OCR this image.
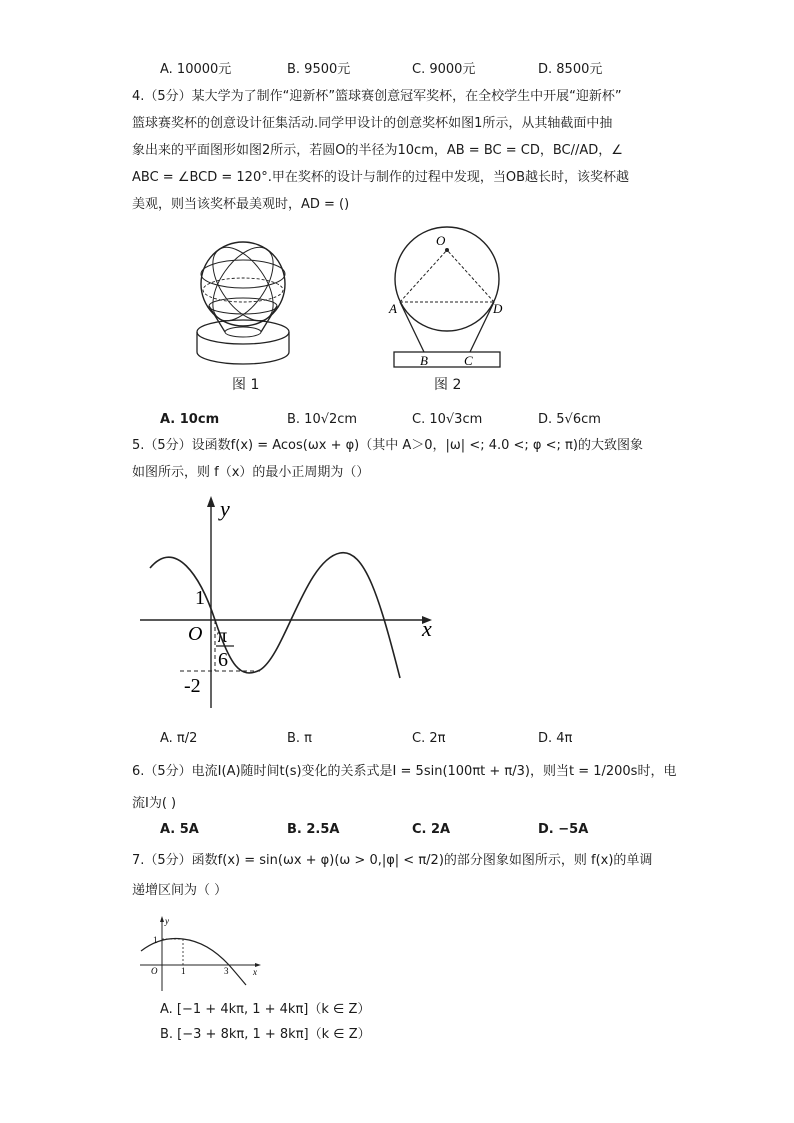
A. 10000元	B. 9500元	C. 9000元	D. 8500元
4.（5分）某大学为了制作“迎新杯”篮球赛创意冠军奖杯，在全校学生中开展“迎新杯”
篮球赛奖杯的创意设计征集活动.同学甲设计的创意奖杯如图1所示，从其轴截面中抽
象出来的平面图形如图2所示，若圆O的半径为10cm，AB = BC = CD，BC//AD，∠
ABC = ∠BCD = 120°.甲在奖杯的设计与制作的过程中发现，当OB越长时，该奖杯越
美观，则当该奖杯最美观时，AD = ()
图 1
O
A	D
B	C
图 2
A. 10cm	B. 10√2cm	C. 10√3cm	D. 5√6cm
5.（5分）设函数f(x) = Acos(ωx + φ)（其中 A＞0，|ω| <; 4.0 <; φ <; π)的大致图象
如图所示，则 f（x）的最小正周期为（）
y
x
O
1
π
6
-2
A. π/2	B. π	C. 2π	D. 4π
6.（5分）电流I(A)随时间t(s)变化的关系式是I = 5sin(100πt + π/3)，则当t = 1/200s时，电
流I为( )
A. 5A	B. 2.5A	C. 2A	D. −5A
7.（5分）函数f(x) = sin(ωx + φ)(ω > 0,|φ| < π/2)的部分图象如图所示，则 f(x)的单调
递增区间为（ ）
y
x
O
1
1	3
A. [−1 + 4kπ, 1 + 4kπ]（k ∈ Z）
B. [−3 + 8kπ, 1 + 8kπ]（k ∈ Z）
